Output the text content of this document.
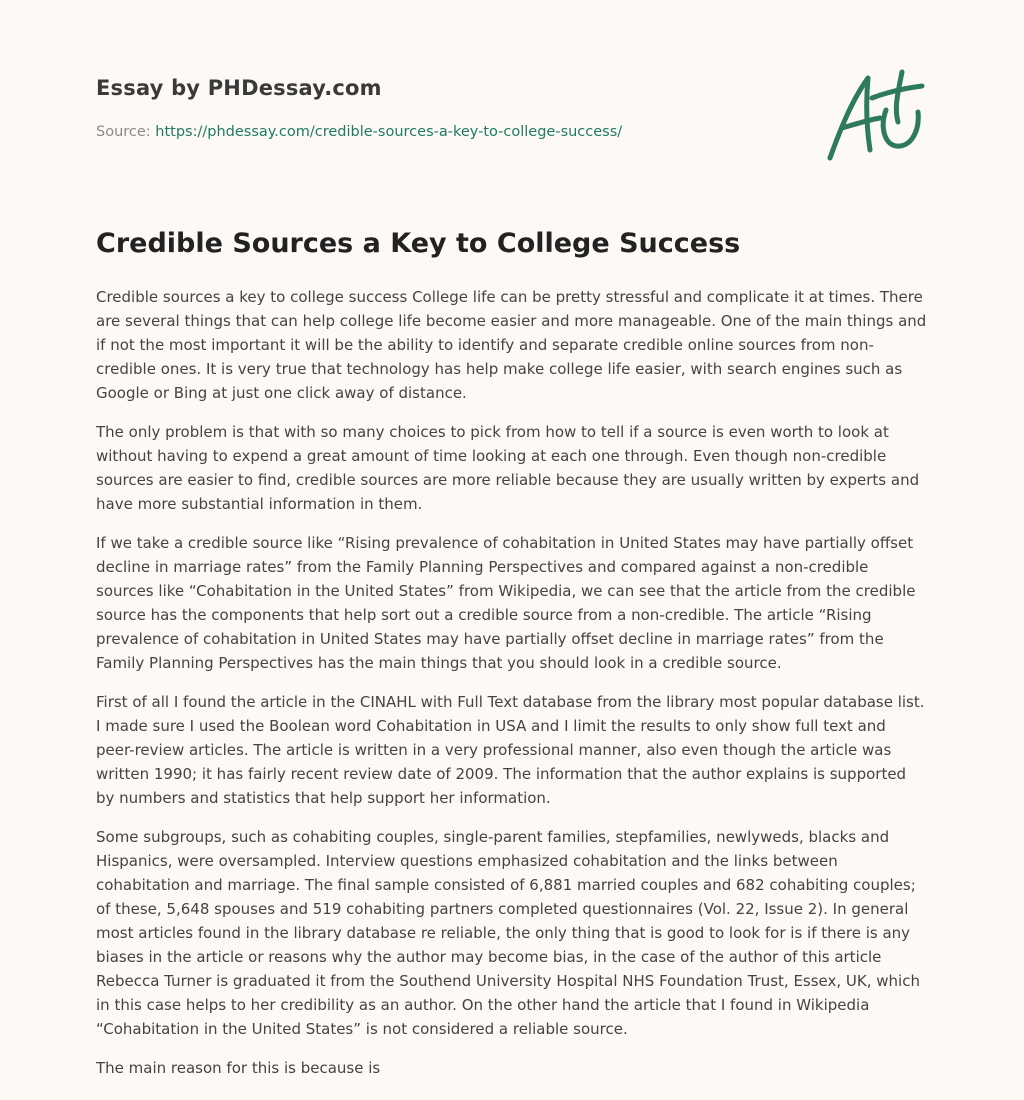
Essay by PHDessay.com
Source: https://phdessay.com/credible-sources-a-key-to-college-success/
Credible Sources a Key to College Success

Credible sources a key to college success College life can be pretty stressful and complicate it at times. There are several things that can help college life become easier and more manageable. One of the main things and if not the most important it will be the ability to identify and separate credible online sources from non-credible ones. It is very true that technology has help make college life easier, with search engines such as Google or Bing at just one click away of distance.

The only problem is that with so many choices to pick from how to tell if a source is even worth to look at without having to expend a great amount of time looking at each one through. Even though non-credible sources are easier to find, credible sources are more reliable because they are usually written by experts and have more substantial information in them.

If we take a credible source like “Rising prevalence of cohabitation in United States may have partially offset decline in marriage rates” from the Family Planning Perspectives and compared against a non-credible sources like “Cohabitation in the United States” from Wikipedia, we can see that the article from the credible source has the components that help sort out a credible source from a non-credible. The article “Rising prevalence of cohabitation in United States may have partially offset decline in marriage rates” from the Family Planning Perspectives has the main things that you should look in a credible source.

First of all I found the article in the CINAHL with Full Text database from the library most popular database list. I made sure I used the Boolean word Cohabitation in USA and I limit the results to only show full text and peer-review articles. The article is written in a very professional manner, also even though the article was written 1990; it has fairly recent review date of 2009. The information that the author explains is supported by numbers and statistics that help support her information.

Some subgroups, such as cohabiting couples, single-parent families, stepfamilies, newlyweds, blacks and Hispanics, were oversampled. Interview questions emphasized cohabitation and the links between cohabitation and marriage. The final sample consisted of 6,881 married couples and 682 cohabiting couples; of these, 5,648 spouses and 519 cohabiting partners completed questionnaires (Vol. 22, Issue 2). In general most articles found in the library database re reliable, the only thing that is good to look for is if there is any biases in the article or reasons why the author may become bias, in the case of the author of this article Rebecca Turner is graduated it from the Southend University Hospital NHS Foundation Trust, Essex, UK, which in this case helps to her credibility as an author. On the other hand the article that I found in Wikipedia “Cohabitation in the United States” is not considered a reliable source.

The main reason for this is because is
